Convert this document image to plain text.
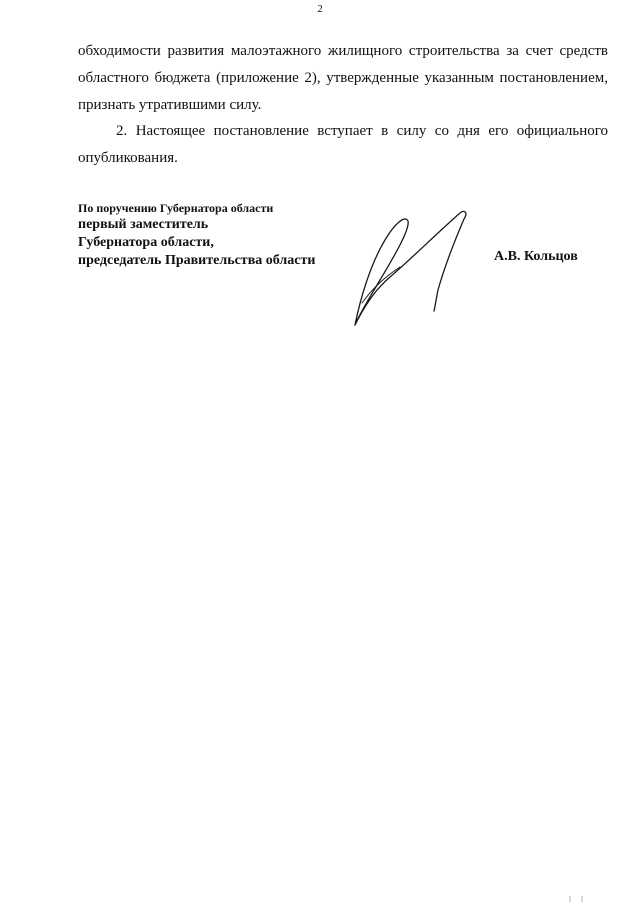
2
обходимости развития малоэтажного жилищного строительства за счет средств
областного бюджета (приложение 2), утвержденные указанным постановлением,
признать утратившими силу.
2. Настоящее постановление вступает в силу со дня его официального
опубликования.
По поручению Губернатора области
первый заместитель
Губернатора области,
председатель Правительства области	А.В. Кольцов
